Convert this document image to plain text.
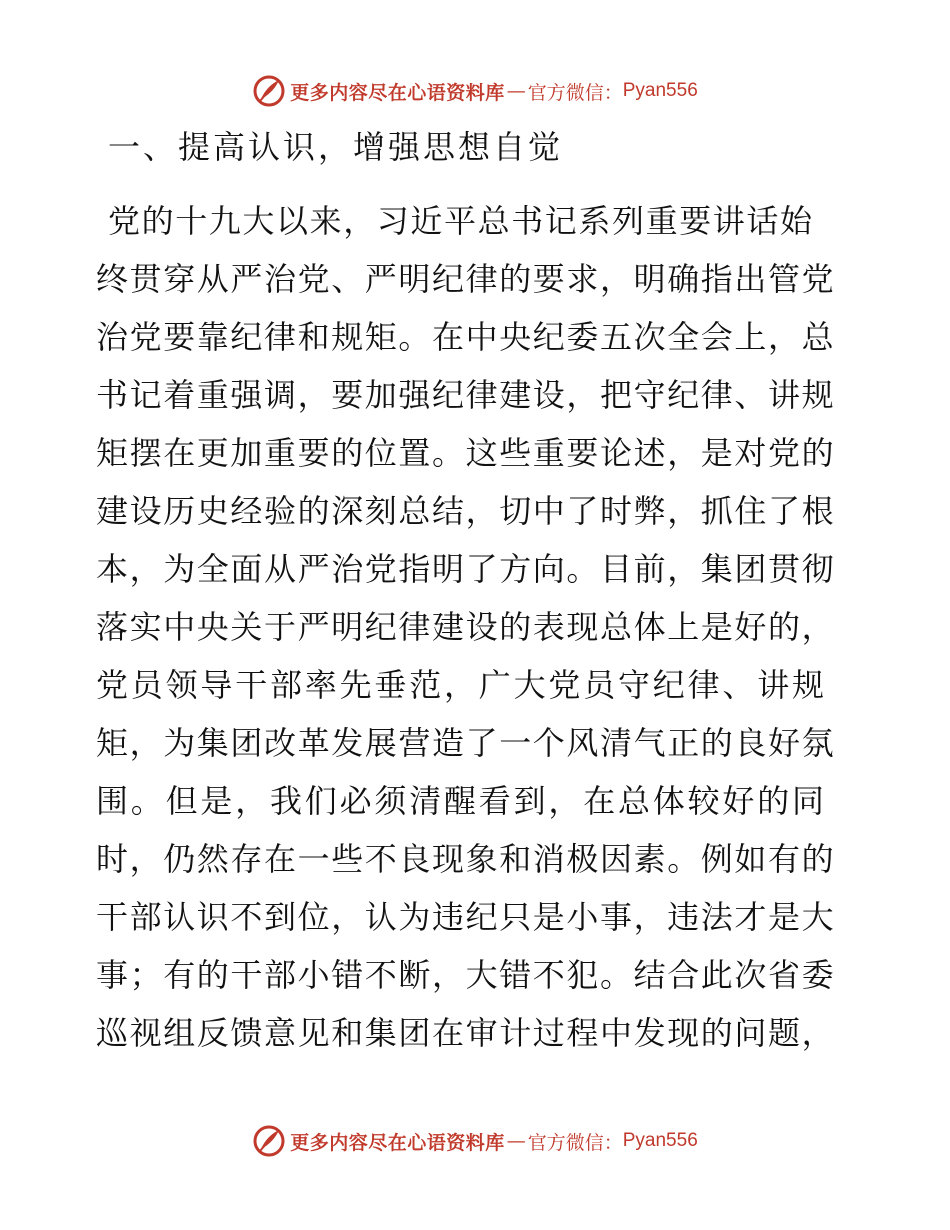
更多内容尽在心语资料库 — 官方微信： Pyan556
一、提高认识，增强思想自觉
党的十九大以来，习近平总书记系列重要讲话始
终贯穿从严治党、严明纪律的要求，明确指出管党
治党要靠纪律和规矩。在中央纪委五次全会上，总
书记着重强调，要加强纪律建设，把守纪律、讲规
矩摆在更加重要的位置。这些重要论述，是对党的
建设历史经验的深刻总结，切中了时弊，抓住了根
本，为全面从严治党指明了方向。目前，集团贯彻
落实中央关于严明纪律建设的表现总体上是好的，
党员领导干部率先垂范，广大党员守纪律、讲规
矩，为集团改革发展营造了一个风清气正的良好氛
围。但是，我们必须清醒看到，在总体较好的同
时，仍然存在一些不良现象和消极因素。例如有的
干部认识不到位，认为违纪只是小事，违法才是大
事；有的干部小错不断，大错不犯。结合此次省委
巡视组反馈意见和集团在审计过程中发现的问题，
更多内容尽在心语资料库 — 官方微信： Pyan556
